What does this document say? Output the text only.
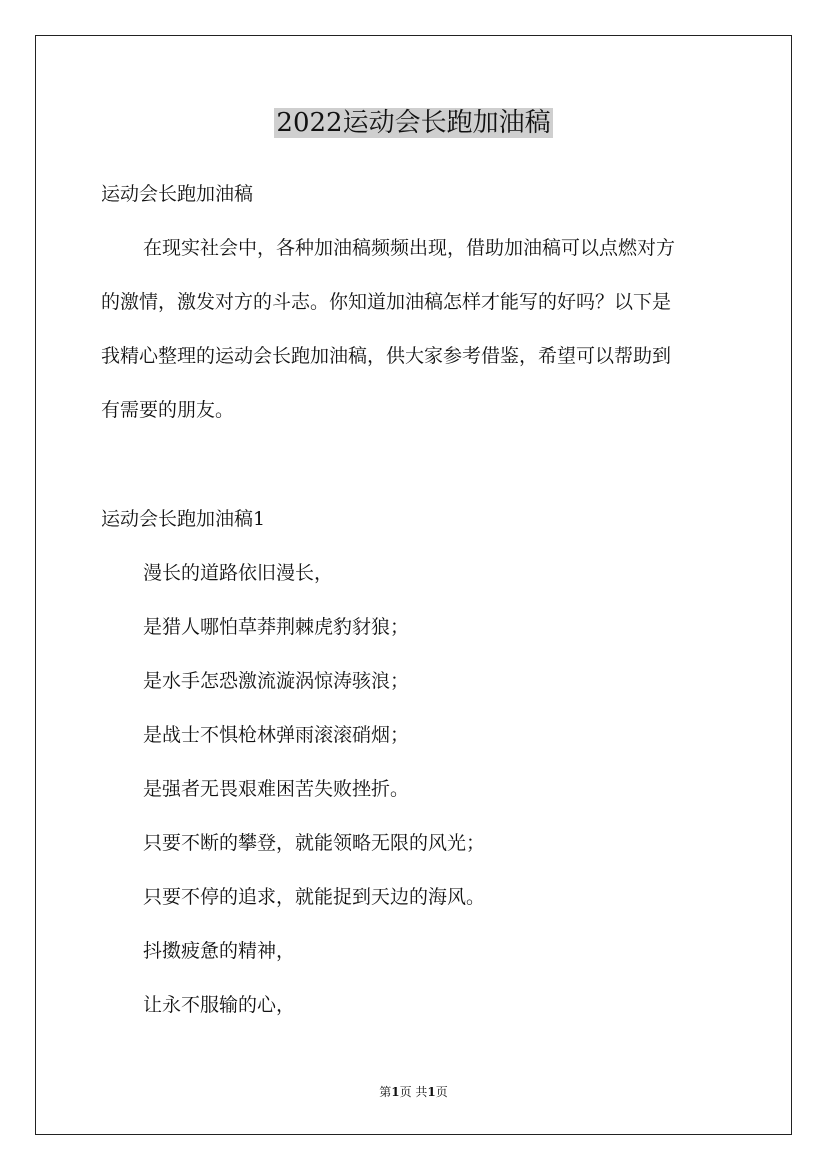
2022运动会长跑加油稿
运动会长跑加油稿
在现实社会中，各种加油稿频频出现，借助加油稿可以点燃对方
的激情，激发对方的斗志。你知道加油稿怎样才能写的好吗？以下是
我精心整理的运动会长跑加油稿，供大家参考借鉴，希望可以帮助到
有需要的朋友。
运动会长跑加油稿1
漫长的道路依旧漫长，
是猎人哪怕草莽荆棘虎豹豺狼；
是水手怎恐激流漩涡惊涛骇浪；
是战士不惧枪林弹雨滚滚硝烟；
是强者无畏艰难困苦失败挫折。
只要不断的攀登，就能领略无限的风光；
只要不停的追求，就能捉到天边的海风。
抖擞疲惫的精神，
让永不服输的心，
第1页 共1页
